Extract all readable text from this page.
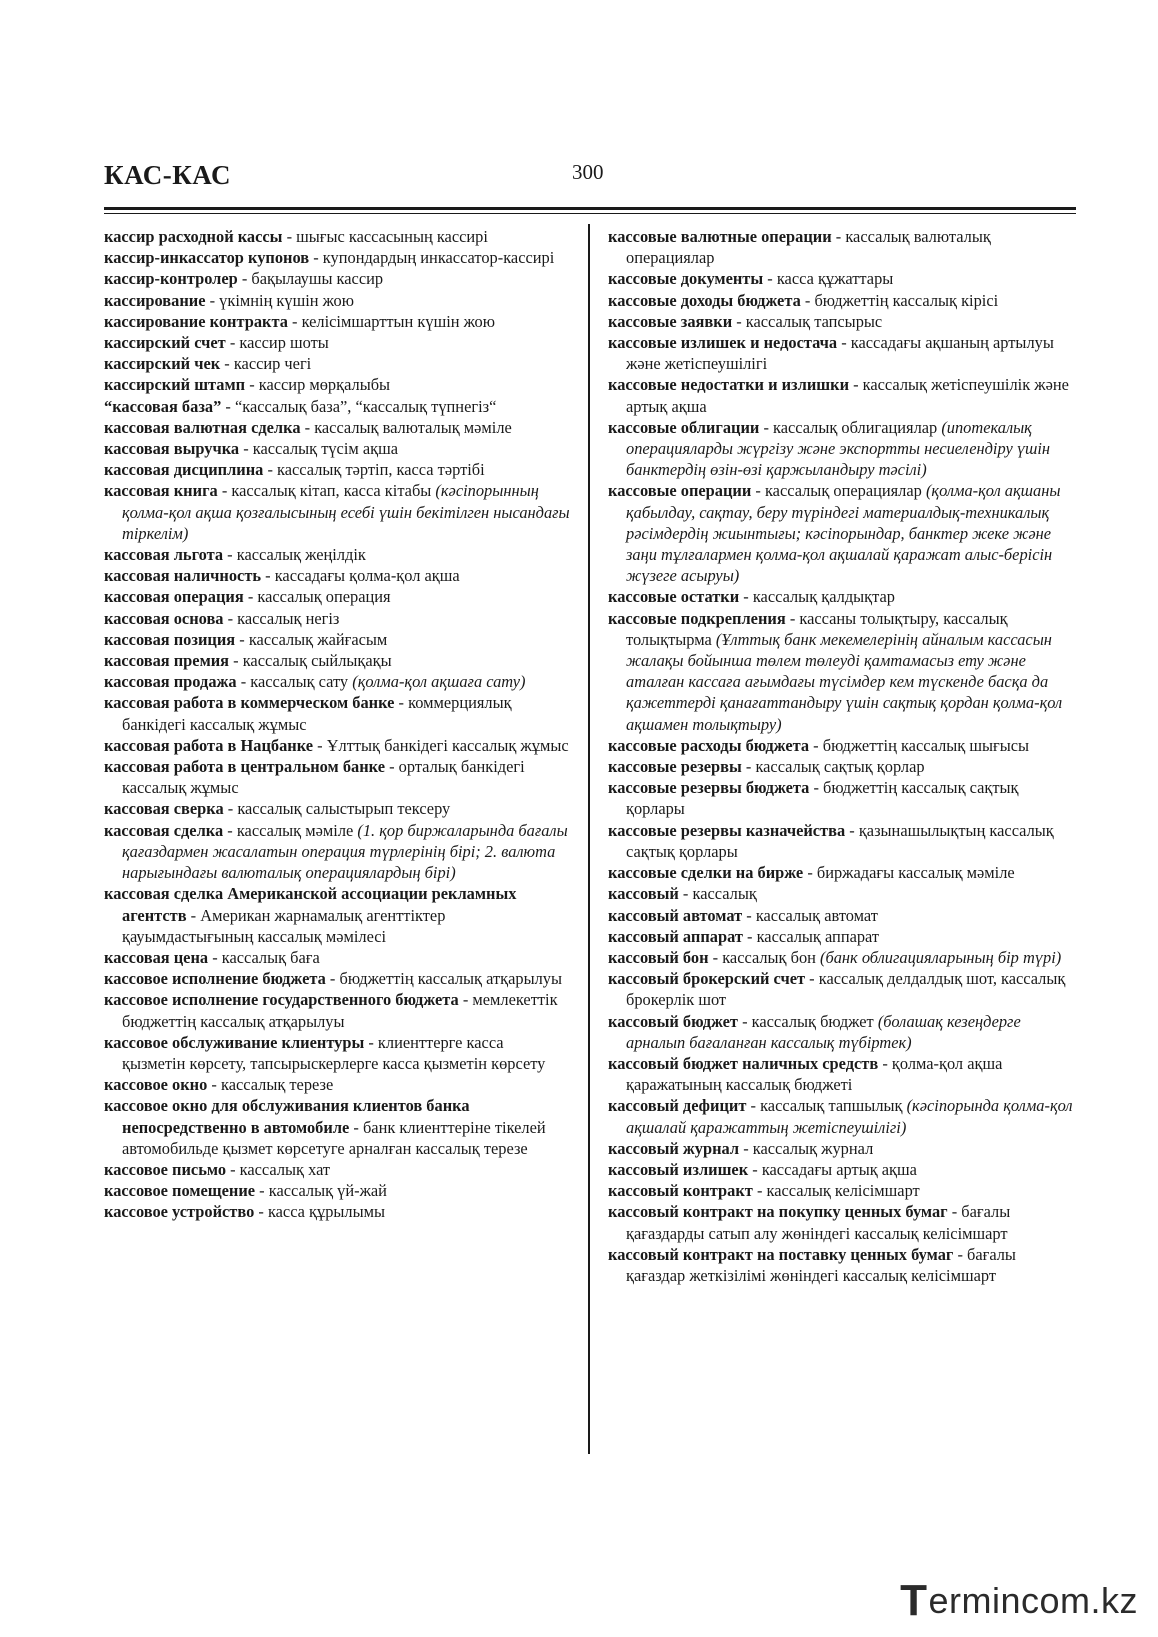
КАС-КАС	300

кассир расходной кассы - шығыс кассасының кассирі

кассир-инкассатор купонов - купондардың инкассатор-кассирі

кассир-контролер - бақылаушы кассир

кассирование - үкімнің күшін жою

кассирование контракта - келісімшарттын күшін жою

кассирский счет - кассир шоты

кассирский чек - кассир чегі

кассирский штамп - кассир мөрқалыбы

“кассовая база” - “кассалық база”, “кассалық түпнегіз“

кассовая валютная сделка - кассалық валюталық мәміле

кассовая выручка - кассалық түсім ақша

кассовая дисциплина - кассалық тәртіп, касса тәртібі

кассовая книга - кассалық кітап, касса кітабы (кәсіпорынның қолма-қол ақша қозғалысының есебі үшін бекітілген нысандағы тіркелім)

кассовая льгота - кассалық жеңілдік

кассовая наличность - кассадағы қолма-қол ақша

кассовая операция - кассалық операция

кассовая основа - кассалық негіз

кассовая позиция - кассалық жайғасым

кассовая премия - кассалық сыйлықақы

кассовая продажа - кассалық сату (қолма-қол ақшаға сату)

кассовая работа в коммерческом банке - коммерциялық банкідегі кассалық жұмыс

кассовая работа в Нацбанке - Ұлттық банкідегі кассалық жұмыс

кассовая работа в центральном банке - орталық банкідегі кассалық жұмыс

кассовая сверка - кассалық салыстырып тексеру

кассовая сделка - кассалық мәміле (1. қор биржаларында бағалы қағаздармен жасалатын операция түрлерінің бірі; 2. валюта нарығындағы валюталық операциялардың бірі)

кассовая сделка Американской ассоциации рекламных агентств - Американ жарнамалық агенттіктер қауымдастығының кассалық мәмілесі

кассовая цена - кассалық баға

кассовое исполнение бюджета - бюджеттің кассалық атқарылуы

кассовое исполнение государственного бюджета - мемлекеттік бюджеттің кассалық атқарылуы

кассовое обслуживание клиентуры - клиенттерге касса қызметін көрсету, тапсырыскерлерге касса қызметін көрсету

кассовое окно - кассалық терезе

кассовое окно для обслуживания клиентов банка непосредственно в автомобиле - банк клиенттеріне тікелей автомобильде қызмет көрсетуге арналған кассалық терезе

кассовое письмо - кассалық хат

кассовое помещение - кассалық үй-жай

кассовое устройство - касса құрылымы

кассовые валютные операции - кассалық валюталық операциялар

кассовые документы - касса құжаттары

кассовые доходы бюджета - бюджеттің кассалық кірісі

кассовые заявки - кассалық тапсырыс

кассовые излишек и недостача - кассадағы ақшаның артылуы және жетіспеушілігі

кассовые недостатки и излишки - кассалық жетіспеушілік және артық ақша

кассовые облигации - кассалық облигациялар (ипотекалық операцияларды жүргізу және экспортты несиелендіру үшін банктердің өзін-өзі қаржыландыру тәсілі)

кассовые операции - кассалық операциялар (қолма-қол ақшаны қабылдау, сақтау, беру түріндегі материалдық-техникалық рәсімдердің жиынтығы; кәсіпорындар, банктер жеке және заңи тұлғалармен қолма-қол ақшалай қаражат алыс-берісін жүзеге асыруы)

кассовые остатки - кассалық қалдықтар

кассовые подкрепления - кассаны толықтыру, кассалық толықтырма (Ұлттық банк мекемелерінің айналым кассасын жалақы бойынша төлем төлеуді қамтамасыз ету және аталған кассаға ағымдағы түсімдер кем түскенде басқа да қажеттерді қанағаттандыру үшін сақтық қордан қолма-қол ақшамен толықтыру)

кассовые расходы бюджета - бюджеттің кассалық шығысы

кассовые резервы - кассалық сақтық қорлар

кассовые резервы бюджета - бюджеттің кассалық сақтық қорлары

кассовые резервы казначейства - қазынашылықтың кассалық сақтық қорлары

кассовые сделки на бирже - биржадағы кассалық мәміле

кассовый - кассалық

кассовый автомат - кассалық автомат

кассовый аппарат - кассалық аппарат

кассовый бон - кассалық бон (банк облигацияларының бір түрі)

кассовый брокерский счет - кассалық делдалдық шот, кассалық брокерлік шот

кассовый бюджет - кассалық бюджет (болашақ кезеңдерге арналып бағаланған кассалық түбіртек)

кассовый бюджет наличных средств - қолма-қол ақша қаражатының кассалық бюджеті

кассовый дефицит - кассалық тапшылық (кәсіпорында қолма-қол ақшалай қаражаттың жетіспеушілігі)

кассовый журнал - кассалық журнал

кассовый излишек - кассадағы артық ақша

кассовый контракт - кассалық келісімшарт

кассовый контракт на покупку ценных бумаг - бағалы қағаздарды сатып алу жөніндегі кассалық келісімшарт

кассовый контракт на поставку ценных бумаг - бағалы қағаздар жеткізілімі жөніндегі кассалық келісімшарт

T ermincom.kz
